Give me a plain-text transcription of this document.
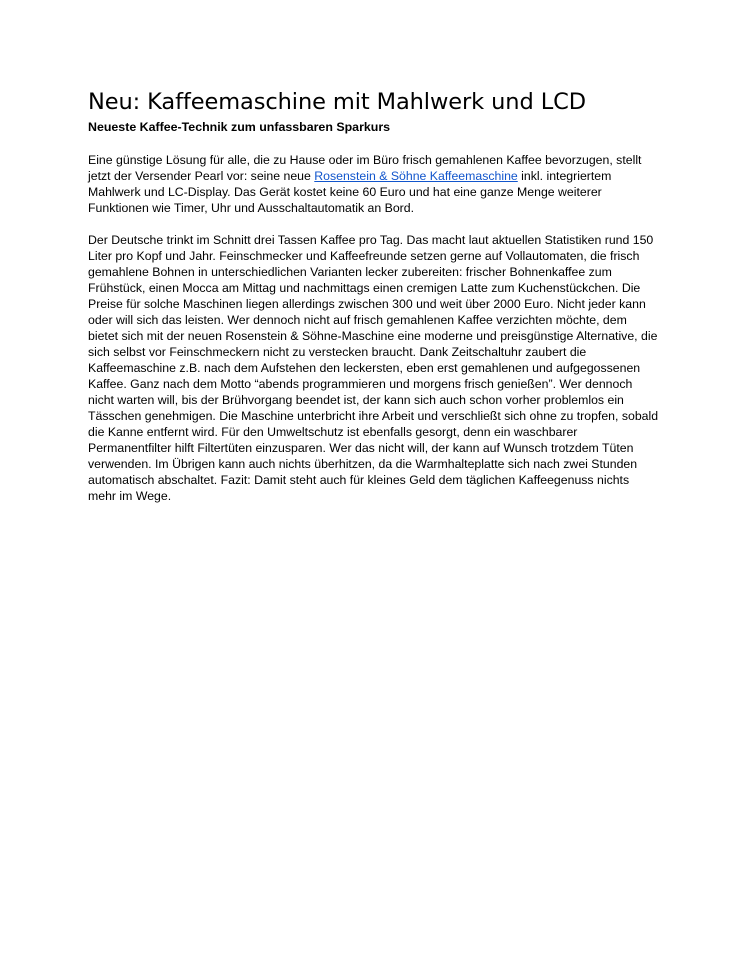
Neu: Kaffeemaschine mit Mahlwerk und LCD
Neueste Kaffee-Technik zum unfassbaren Sparkurs

Eine günstige Lösung für alle, die zu Hause oder im Büro frisch gemahlenen Kaffee bevorzugen, stellt jetzt der Versender Pearl vor: seine neue Rosenstein & Söhne Kaffeemaschine inkl. integriertem Mahlwerk und LC-Display. Das Gerät kostet keine 60 Euro und hat eine ganze Menge weiterer Funktionen wie Timer, Uhr und Ausschaltautomatik an Bord.

Der Deutsche trinkt im Schnitt drei Tassen Kaffee pro Tag. Das macht laut aktuellen Statistiken rund 150 Liter pro Kopf und Jahr. Feinschmecker und Kaffeefreunde setzen gerne auf Vollautomaten, die frisch gemahlene Bohnen in unterschiedlichen Varianten lecker zubereiten: frischer Bohnenkaffee zum Frühstück, einen Mocca am Mittag und nachmittags einen cremigen Latte zum Kuchenstückchen. Die Preise für solche Maschinen liegen allerdings zwischen 300 und weit über 2000 Euro. Nicht jeder kann oder will sich das leisten. Wer dennoch nicht auf frisch gemahlenen Kaffee verzichten möchte, dem bietet sich mit der neuen Rosenstein & Söhne-Maschine eine moderne und preisgünstige Alternative, die sich selbst vor Feinschmeckern nicht zu verstecken braucht. Dank Zeitschaltuhr zaubert die Kaffeemaschine z.B. nach dem Aufstehen den leckersten, eben erst gemahlenen und aufgegossenen Kaffee. Ganz nach dem Motto “abends programmieren und morgens frisch genießen”. Wer dennoch nicht warten will, bis der Brühvorgang beendet ist, der kann sich auch schon vorher problemlos ein Tässchen genehmigen. Die Maschine unterbricht ihre Arbeit und verschließt sich ohne zu tropfen, sobald die Kanne entfernt wird. Für den Umweltschutz ist ebenfalls gesorgt, denn ein waschbarer Permanentfilter hilft Filtertüten einzusparen. Wer das nicht will, der kann auf Wunsch trotzdem Tüten verwenden. Im Übrigen kann auch nichts überhitzen, da die Warmhalteplatte sich nach zwei Stunden automatisch abschaltet. Fazit: Damit steht auch für kleines Geld dem täglichen Kaffeegenuss nichts mehr im Wege.
